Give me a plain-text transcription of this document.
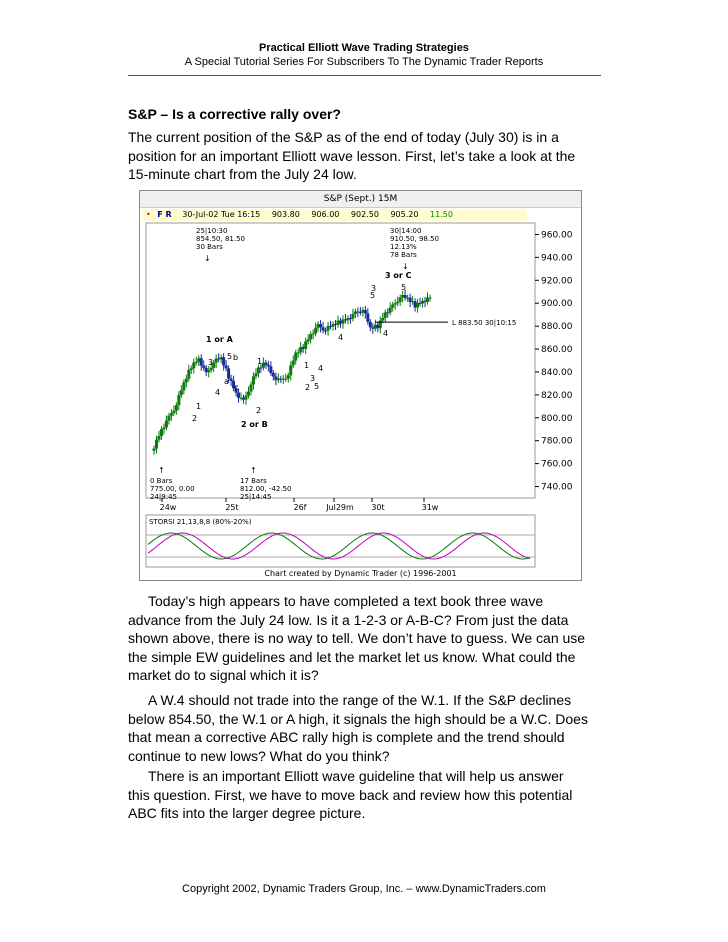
Practical Elliott Wave Trading Strategies
A Special Tutorial Series For Subscribers To The Dynamic Trader Reports
S&P – Is a corrective rally over?

The current position of the S&P as of the end of today (July 30) is in a position for an important Elliott wave lesson. First, let’s take a look at the 15-minute chart from the July 24 low.

S&P (Sept.) 15M
• F R 30-Jul-02 Tue 16:15 903.80 906.00 902.50 905.20 11.50
960.00
940.00
920.00
900.00
880.00
860.00
840.00
820.00
800.00
780.00
760.00
740.00
24w	25t	26f Jul29m 30t	31w
L 883.50 30|10:15
25|10:30
854.50, 81.50
30 Bars
↓
30|14:00
910.50, 98.50
12.13%
78 Bars
↓
↑
0 Bars
775.00, 0.00
24|9:45
↑
17 Bars
812.00, -42.50
25|14:45
1 or A
2 or B
3 or C
1
2
3
4
5
a
b
c
1
2
3
4
5
3
4
5
4
5
1
2
STORSI 21,13,8,8 (80%-20%)
Chart created by Dynamic Trader (c) 1996-2001

Today’s high appears to have completed a text book three wave advance from the July 24 low. Is it a 1-2-3 or A-B-C? From just the data shown above, there is no way to tell. We don’t have to guess. We can use the simple EW guidelines and let the market let us know. What could the market do to signal which it is?

A W.4 should not trade into the range of the W.1. If the S&P declines below 854.50, the W.1 or A high, it signals the high should be a W.C. Does that mean a corrective ABC rally high is complete and the trend should continue to new lows? What do you think?

There is an important Elliott wave guideline that will help us answer this question. First, we have to move back and review how this potential ABC fits into the larger degree picture.

Copyright 2002, Dynamic Traders Group, Inc. – www.DynamicTraders.com
